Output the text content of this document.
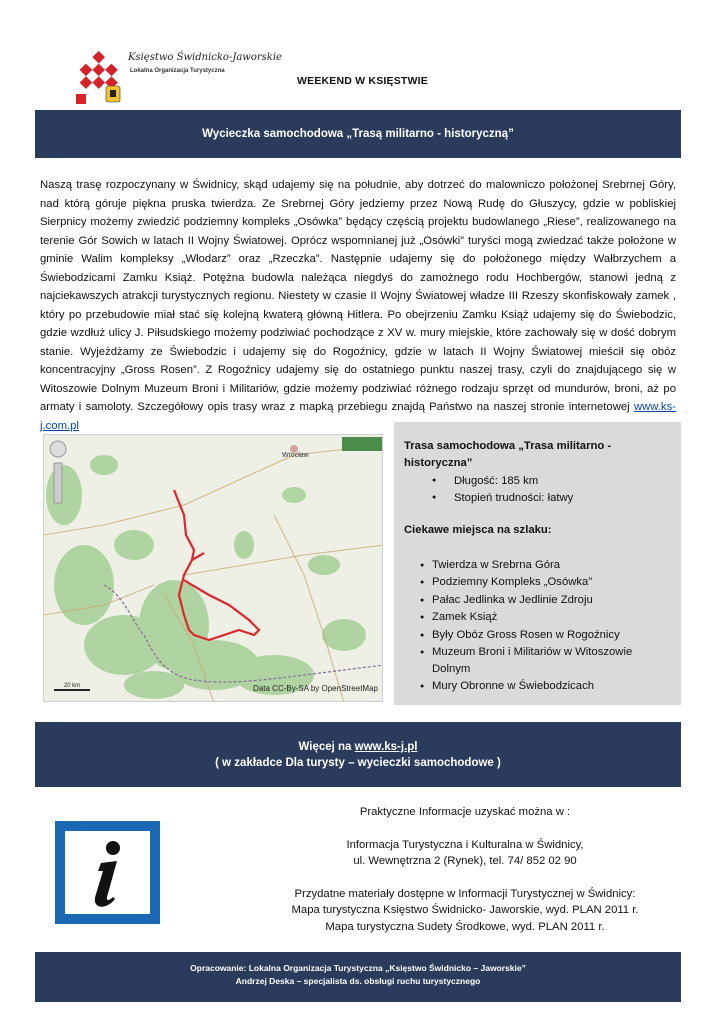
Księstwo Świdnicko-Jaworskie
Lokalna Organizacja Turystyczna
WEEKEND W KSIĘSTWIE
Wycieczka samochodowa „Trasą militarno - historyczną”
Naszą trasę rozpoczynany w Świdnicy, skąd udajemy się na południe, aby dotrzeć do malowniczo położonej Srebrnej Góry, nad którą góruje piękna pruska twierdza. Ze Srebrnej Góry jedziemy przez Nową Rudę do Głuszycy, gdzie w pobliskiej Sierpnicy możemy zwiedzić podziemny kompleks „Osówka” będący częścią projektu budowlanego „Riese”, realizowanego na terenie Gór Sowich w latach II Wojny Światowej. Oprócz wspomnianej już „Osówki” turyści mogą zwiedzać także położone w gminie Walim kompleksy „Włodarz” oraz „Rzeczka”. Następnie udajemy się do położonego między Wałbrzychem a Świebodzicami Zamku Książ. Potężna budowla należąca niegdyś do zamożnego rodu Hochbergów, stanowi jedną z najciekawszych atrakcji turystycznych regionu. Niestety w czasie II Wojny Światowej władze III Rzeszy skonfiskowały zamek , który po przebudowie miał stać się kolejną kwaterą główną Hitlera. Po obejrzeniu Zamku Książ udajemy się do Świebodzic, gdzie wzdłuż ulicy J. Piłsudskiego możemy podziwiać pochodzące z XV w. mury miejskie, które zachowały się w dość dobrym stanie. Wyjeżdżamy ze Świebodzic i udajemy się do Rogoźnicy, gdzie w latach II Wojny Światowej mieścił się obóz koncentracyjny „Gross Rosen”. Z Rogoźnicy udajemy się do ostatniego punktu naszej trasy, czyli do znajdującego się w Witoszowie Dolnym Muzeum Broni i Militariów, gdzie możemy podziwiać różnego rodzaju sprzęt od mundurów, broni, aż po armaty i samoloty. Szczegółowy opis trasy wraz z mapką przebiegu znajdą Państwo na naszej stronie internetowej www.ks-j.com.pl
Wrocław
20 km	Data CC-By-SA by OpenStreetMap
Trasa samochodowa „Trasa militarno - historyczna”
● Długość: 185 km
● Stopień trudności: łatwy
Ciekawe miejsca na szlaku:
● Twierdza w Srebrna Góra
● Podziemny Kompleks „Osówka”
● Pałac Jedlinka w Jedlinie Zdroju
● Zamek Książ
● Były Obóz Gross Rosen w Rogoźnicy
● Muzeum Broni i Militariów w Witoszowie Dolnym
● Mury Obronne w Świebodzicach
Więcej na www.ks-j.pl
( w zakładce Dla turysty – wycieczki samochodowe )

Praktyczne Informacje uzyskać można w :

Informacja Turystyczna i Kulturalna w Świdnicy,

ul. Wewnętrzna 2 (Rynek), tel. 74/ 852 02 90

Przydatne materiały dostępne w Informacji Turystycznej w Świdnicy:

Mapa turystyczna Księstwo Świdnicko- Jaworskie, wyd. PLAN 2011 r.

Mapa turystyczna Sudety Środkowe, wyd. PLAN 2011 r.

Opracowanie: Lokalna Organizacja Turystyczna „Księstwo Świdnicko – Jaworskie”
Andrzej Deska – specjalista ds. obsługi ruchu turystycznego
